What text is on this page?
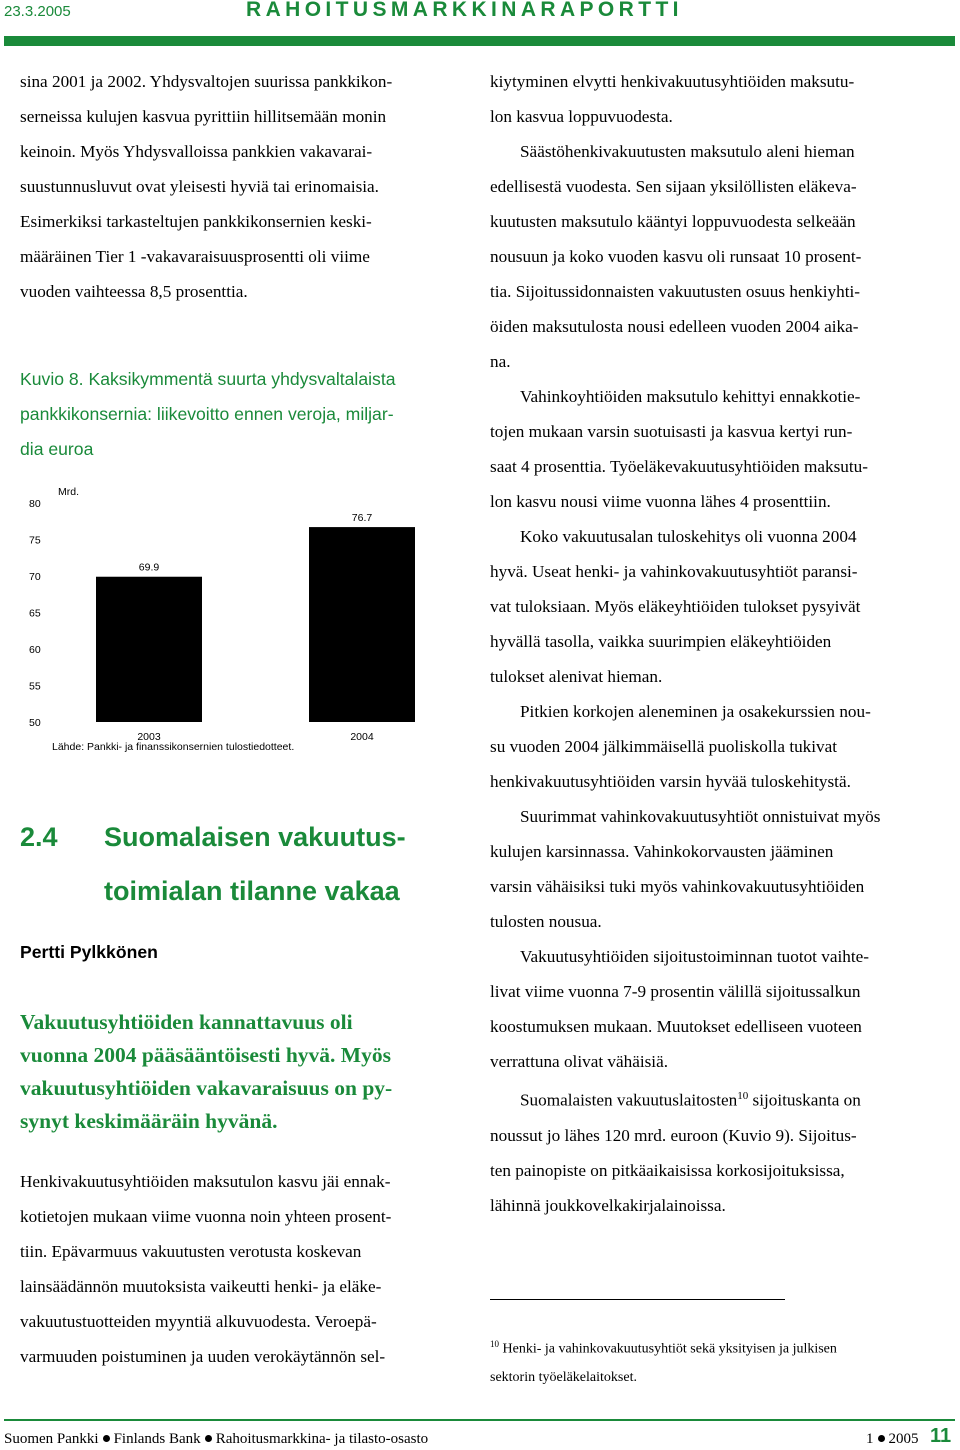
23.3.2005	RAHOITUSMARKKINARAPORTTI
sina 2001 ja 2002. Yhdysvaltojen suurissa pankkikon-
serneissa kulujen kasvua pyrittiin hillitsemään monin
keinoin. Myös Yhdysvalloissa pankkien vakavarai-
suustunnusluvut ovat yleisesti hyviä tai erinomaisia.
Esimerkiksi tarkasteltujen pankkikonsernien keski-
määräinen Tier 1 -vakavaraisuusprosentti oli viime
vuoden vaihteessa 8,5 prosenttia.
Kuvio 8. Kaksikymmentä suurta yhdysvaltalaista
pankkikonsernia: liikevoitto ennen veroja, miljar-
dia euroa
80
75
70
65
60
55
50
69.9
2003
76.7
2004
Mrd.
Lähde: Pankki- ja finanssikonsernien tulostiedotteet.
2.4 Suomalaisen vakuutus-
toimialan tilanne vakaa
Pertti Pylkkönen
Vakuutusyhtiöiden kannattavuus oli
vuonna 2004 pääsääntöisesti hyvä. Myös
vakuutusyhtiöiden vakavaraisuus on py-
synyt keskimääräin hyvänä.
Henkivakuutusyhtiöiden maksutulon kasvu jäi ennak-
kotietojen mukaan viime vuonna noin yhteen prosent-
tiin. Epävarmuus vakuutusten verotusta koskevan
lainsäädännön muutoksista vaikeutti henki- ja eläke-
vakuutustuotteiden myyntiä alkuvuodesta. Veroepä-
varmuuden poistuminen ja uuden verokäytännön sel-
kiytyminen elvytti henkivakuutusyhtiöiden maksutu-
lon kasvua loppuvuodesta.
Säästöhenkivakuutusten maksutulo aleni hieman
edellisestä vuodesta. Sen sijaan yksilöllisten eläkeva-
kuutusten maksutulo kääntyi loppuvuodesta selkeään
nousuun ja koko vuoden kasvu oli runsaat 10 prosent-
tia. Sijoitussidonnaisten vakuutusten osuus henkiyhti-
öiden maksutulosta nousi edelleen vuoden 2004 aika-
na.
Vahinkoyhtiöiden maksutulo kehittyi ennakkotie-
tojen mukaan varsin suotuisasti ja kasvua kertyi run-
saat 4 prosenttia. Työeläkevakuutusyhtiöiden maksutu-
lon kasvu nousi viime vuonna lähes 4 prosenttiin.
Koko vakuutusalan tuloskehitys oli vuonna 2004
hyvä. Useat henki- ja vahinkovakuutusyhtiöt paransi-
vat tuloksiaan. Myös eläkeyhtiöiden tulokset pysyivät
hyvällä tasolla, vaikka suurimpien eläkeyhtiöiden
tulokset alenivat hieman.
Pitkien korkojen aleneminen ja osakekurssien nou-
su vuoden 2004 jälkimmäisellä puoliskolla tukivat
henkivakuutusyhtiöiden varsin hyvää tuloskehitystä.
Suurimmat vahinkovakuutusyhtiöt onnistuivat myös
kulujen karsinnassa. Vahinkokorvausten jääminen
varsin vähäisiksi tuki myös vahinkovakuutusyhtiöiden
tulosten nousua.
Vakuutusyhtiöiden sijoitustoiminnan tuotot vaihte-
livat viime vuonna 7-9 prosentin välillä sijoitussalkun
koostumuksen mukaan. Muutokset edelliseen vuoteen
verrattuna olivat vähäisiä.
Suomalaisten vakuutuslaitosten$^{10}$ sijoituskanta on
noussut jo lähes 120 mrd. euroon (Kuvio 9). Sijoitus-
ten painopiste on pitkäaikaisissa korkosijoituksissa,
lähinnä joukkovelkakirjalainoissa.
$^{10}$ Henki- ja vahinkovakuutusyhtiöt sekä yksityisen ja julkisen
sektorin työeläkelaitokset.
Suomen Pankki Finlands Bank Rahoitusmarkkina- ja tilasto-osasto	1 2005 11
